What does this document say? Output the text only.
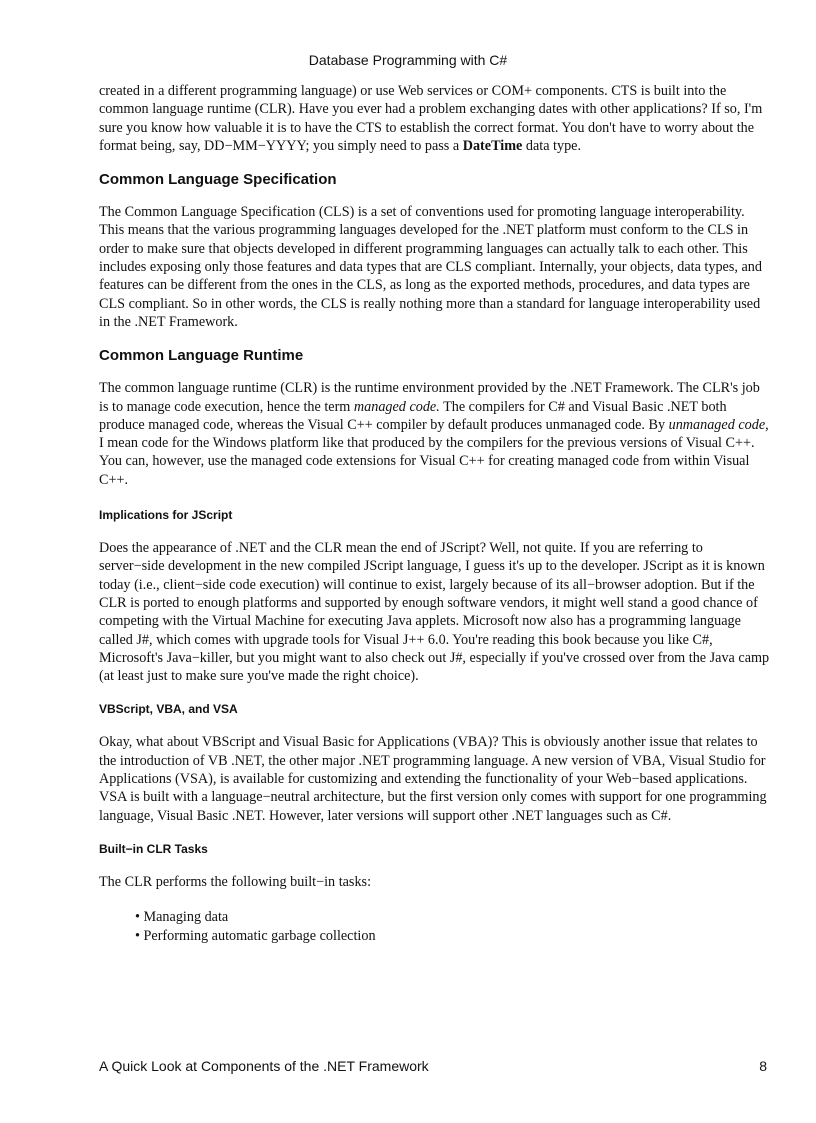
Database Programming with C#

created in a different programming language) or use Web services or COM+ components. CTS is built into the common language runtime (CLR). Have you ever had a problem exchanging dates with other applications? If so, I'm sure you know how valuable it is to have the CTS to establish the correct format. You don't have to worry about the format being, say, DD−MM−YYYY; you simply need to pass a DateTime data type.

Common Language Specification

The Common Language Specification (CLS) is a set of conventions used for promoting language interoperability. This means that the various programming languages developed for the .NET platform must conform to the CLS in order to make sure that objects developed in different programming languages can actually talk to each other. This includes exposing only those features and data types that are CLS compliant. Internally, your objects, data types, and features can be different from the ones in the CLS, as long as the exported methods, procedures, and data types are CLS compliant. So in other words, the CLS is really nothing more than a standard for language interoperability used in the .NET Framework.

Common Language Runtime

The common language runtime (CLR) is the runtime environment provided by the .NET Framework. The CLR's job is to manage code execution, hence the term managed code. The compilers for C# and Visual Basic .NET both produce managed code, whereas the Visual C++ compiler by default produces unmanaged code. By unmanaged code, I mean code for the Windows platform like that produced by the compilers for the previous versions of Visual C++. You can, however, use the managed code extensions for Visual C++ for creating managed code from within Visual C++.

Implications for JScript

Does the appearance of .NET and the CLR mean the end of JScript? Well, not quite. If you are referring to server−side development in the new compiled JScript language, I guess it's up to the developer. JScript as it is known today (i.e., client−side code execution) will continue to exist, largely because of its all−browser adoption. But if the CLR is ported to enough platforms and supported by enough software vendors, it might well stand a good chance of competing with the Virtual Machine for executing Java applets. Microsoft now also has a programming language called J#, which comes with upgrade tools for Visual J++ 6.0. You're reading this book because you like C#, Microsoft's Java−killer, but you might want to also check out J#, especially if you've crossed over from the Java camp (at least just to make sure you've made the right choice).

VBScript, VBA, and VSA

Okay, what about VBScript and Visual Basic for Applications (VBA)? This is obviously another issue that relates to the introduction of VB .NET, the other major .NET programming language. A new version of VBA, Visual Studio for Applications (VSA), is available for customizing and extending the functionality of your Web−based applications. VSA is built with a language−neutral architecture, but the first version only comes with support for one programming language, Visual Basic .NET. However, later versions will support other .NET languages such as C#.

Built−in CLR Tasks

The CLR performs the following built−in tasks:

• Managing data
• Performing automatic garbage collection
A Quick Look at Components of the .NET Framework	8
